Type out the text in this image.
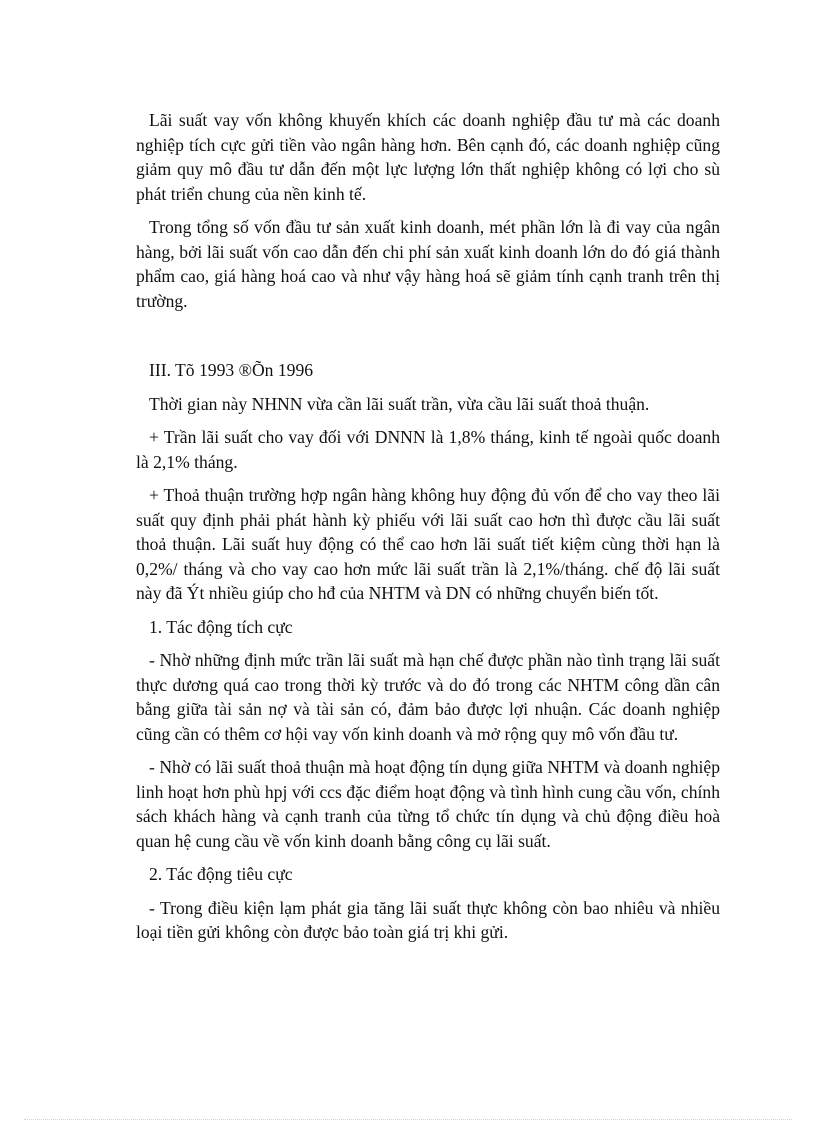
Lãi suất vay vốn không khuyến khích các doanh nghiệp đầu tư mà các doanh nghiệp tích cực gửi tiền vào ngân hàng hơn. Bên cạnh đó, các doanh nghiệp cũng giảm quy mô đầu tư dẫn đến một lực lượng lớn thất nghiệp không có lợi cho sù phát triển chung của nền kinh tế.

Trong tổng số vốn đầu tư sản xuất kinh doanh, mét phần lớn là đi vay của ngân hàng, bởi lãi suất vốn cao dẫn đến chi phí sản xuất kinh doanh lớn do đó giá thành phẩm cao, giá hàng hoá cao và như vậy hàng hoá sẽ giảm tính cạnh tranh trên thị trường.

III. Tõ 1993 ®Õn 1996

Thời gian này NHNN vừa cần lãi suất trần, vừa cầu lãi suất thoả thuận.

+ Trần lãi suất cho vay đối với DNNN là 1,8% tháng, kinh tế ngoài quốc doanh là 2,1% tháng.

+ Thoả thuận trường hợp ngân hàng không huy động đủ vốn để cho vay theo lãi suất quy định phải phát hành kỳ phiếu với lãi suất cao hơn thì được cầu lãi suất thoả thuận. Lãi suất huy động có thể cao hơn lãi suất tiết kiệm cùng thời hạn là 0,2%/ tháng và cho vay cao hơn mức lãi suất trần là 2,1%/tháng. chế độ lãi suất này đã Ýt nhiều giúp cho hđ của NHTM và DN có những chuyển biến tốt.

1. Tác động tích cực

- Nhờ những định mức trần lãi suất mà hạn chế được phần nào tình trạng lãi suất thực dương quá cao trong thời kỳ trước và do đó trong các NHTM công dần cân bằng giữa tài sản nợ và tài sản có, đảm bảo được lợi nhuận. Các doanh nghiệp cũng cần có thêm cơ hội vay vốn kinh doanh và mở rộng quy mô vốn đầu tư.

- Nhờ có lãi suất thoả thuận mà hoạt động tín dụng giữa NHTM và doanh nghiệp linh hoạt hơn phù hpj với ccs đặc điểm hoạt động và tình hình cung cầu vốn, chính sách khách hàng và cạnh tranh của từng tổ chức tín dụng và chủ động điều hoà quan hệ cung cầu về vốn kinh doanh bằng công cụ lãi suất.

2. Tác động tiêu cực

- Trong điều kiện lạm phát gia tăng lãi suất thực không còn bao nhiêu và nhiều loại tiền gửi không còn được bảo toàn giá trị khi gửi.
